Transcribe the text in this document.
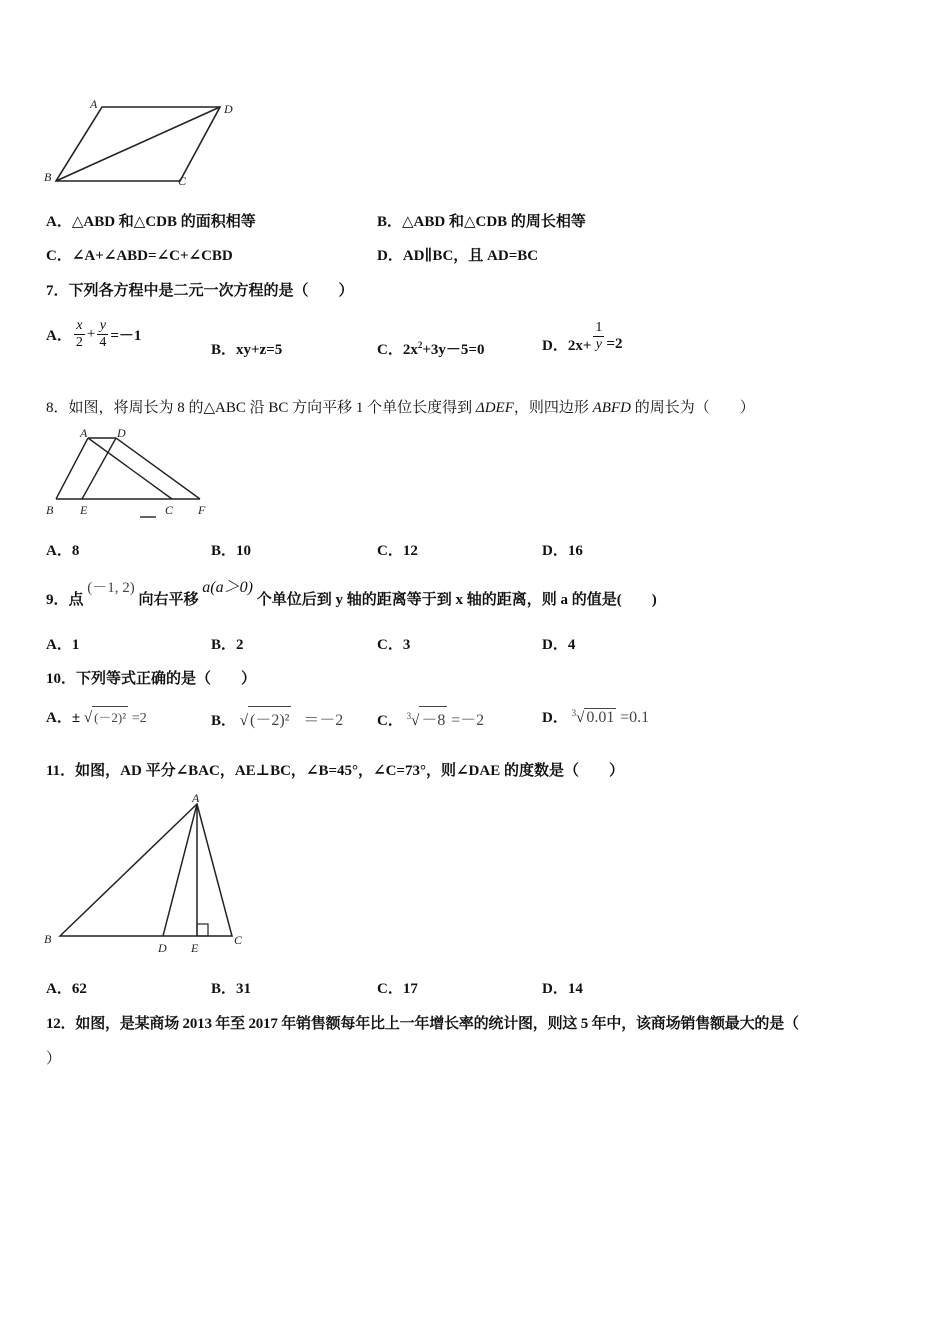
A	D
B	C
A．△ABD 和△CDB 的面积相等	B．△ABD 和△CDB 的周长相等
C．∠A+∠ABD=∠C+∠CBD	D．AD∥BC，且 AD=BC
7．下列各方程中是二元一次方程的是（　　）
A． $\frac{x}{2} + \frac{y}{4} =-1$
B．xy+z=5	C．$2x^2+3y-5=0$	D．$2x+ \frac{1}{y} =2$
8．如图，将周长为 8 的△ABC 沿 BC 方向平移 1 个单位长度得到 ΔDEF，则四边形 ABFD 的周长为（　　）
A D
B E	C F
A．8	B．10	C．12	D．16
9．点 (－1, 2) 向右平移 a(a＞0) 个单位后到 y 轴的距离等于到 x 轴的距离，则 a 的值是(　　)
A．1	B．2	C．3	D．4
10．下列等式正确的是（　　）
A．± √ (－2)² =2	B． √ (－2)² ＝－2 C． $^3$√ －8 =－2	D． $^3$√ 0.01 =0.1
11．如图，AD 平分∠BAC，AE⊥BC，∠B=45°，∠C=73°，则∠DAE 的度数是（　　）
A
B
D E
C
A．62	B．31	C．17	D．14
12．如图，是某商场 2013 年至 2017 年销售额每年比上一年增长率的统计图，则这 5 年中，该商场销售额最大的是（
）
